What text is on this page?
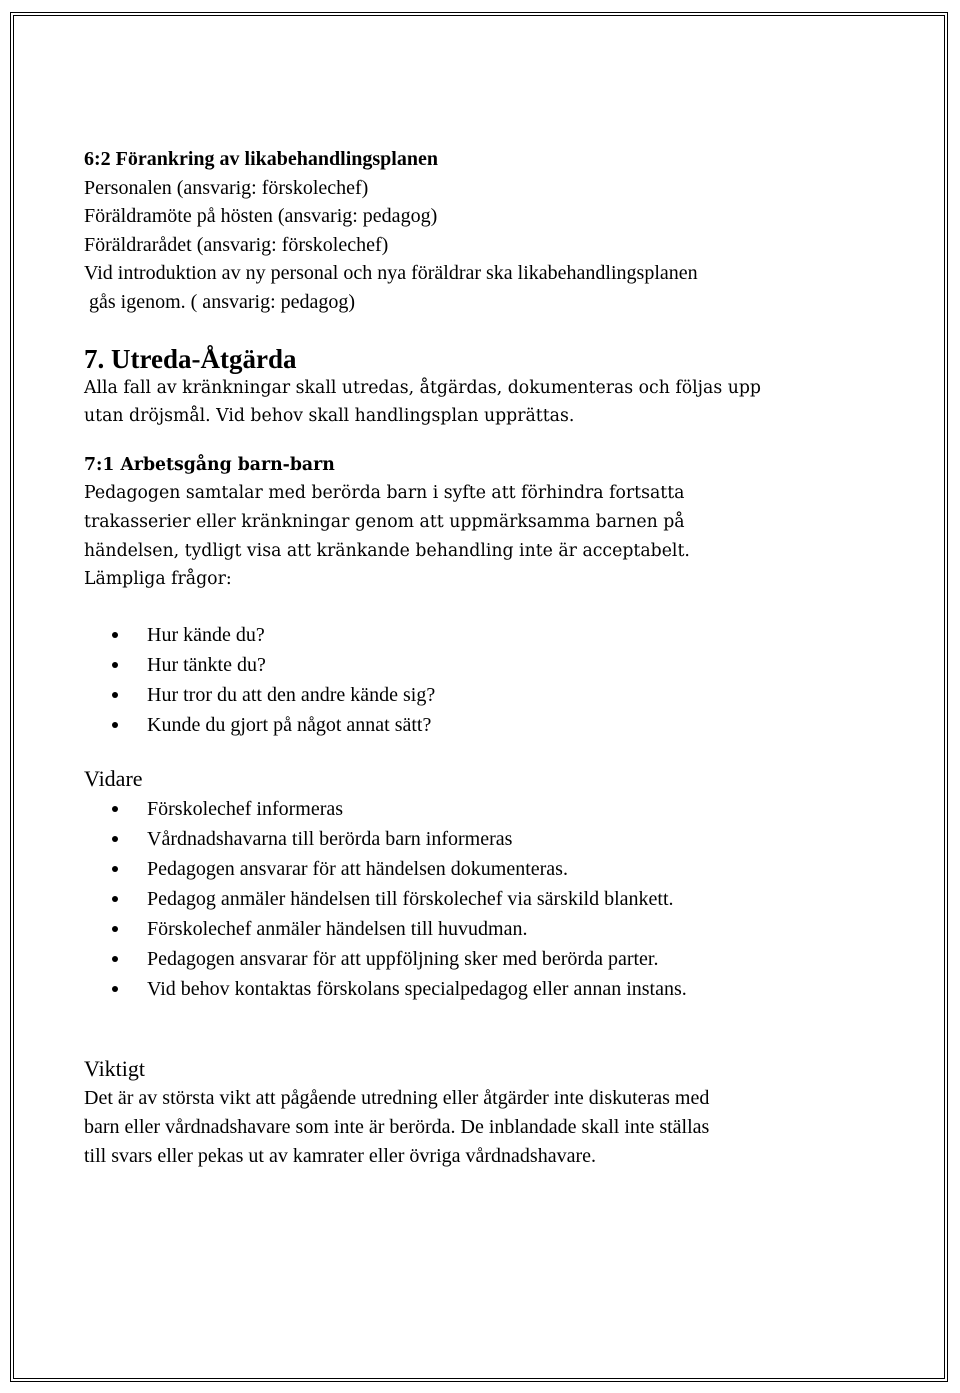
6:2 Förankring av likabehandlingsplanen
Personalen (ansvarig: förskolechef)
Föräldramöte på hösten (ansvarig: pedagog)
Föräldrarådet (ansvarig: förskolechef)
Vid introduktion av ny personal och nya föräldrar ska likabehandlingsplanen
gås igenom. ( ansvarig: pedagog)
7. Utreda-Åtgärda
Alla fall av kränkningar skall utredas, åtgärdas, dokumenteras och följas upp
utan dröjsmål. Vid behov skall handlingsplan upprättas.
7:1 Arbetsgång barn-barn
Pedagogen samtalar med berörda barn i syfte att förhindra fortsatta
trakasserier eller kränkningar genom att uppmärksamma barnen på
händelsen, tydligt visa att kränkande behandling inte är acceptabelt.
Lämpliga frågor:
Hur kände du?
Hur tänkte du?
Hur tror du att den andre kände sig?
Kunde du gjort på något annat sätt?
Vidare
Förskolechef informeras
Vårdnadshavarna till berörda barn informeras
Pedagogen ansvarar för att händelsen dokumenteras.
Pedagog anmäler händelsen till förskolechef via särskild blankett.
Förskolechef anmäler händelsen till huvudman.
Pedagogen ansvarar för att uppföljning sker med berörda parter.
Vid behov kontaktas förskolans specialpedagog eller annan instans.
Viktigt
Det är av största vikt att pågående utredning eller åtgärder inte diskuteras med
barn eller vårdnadshavare som inte är berörda. De inblandade skall inte ställas
till svars eller pekas ut av kamrater eller övriga vårdnadshavare.
